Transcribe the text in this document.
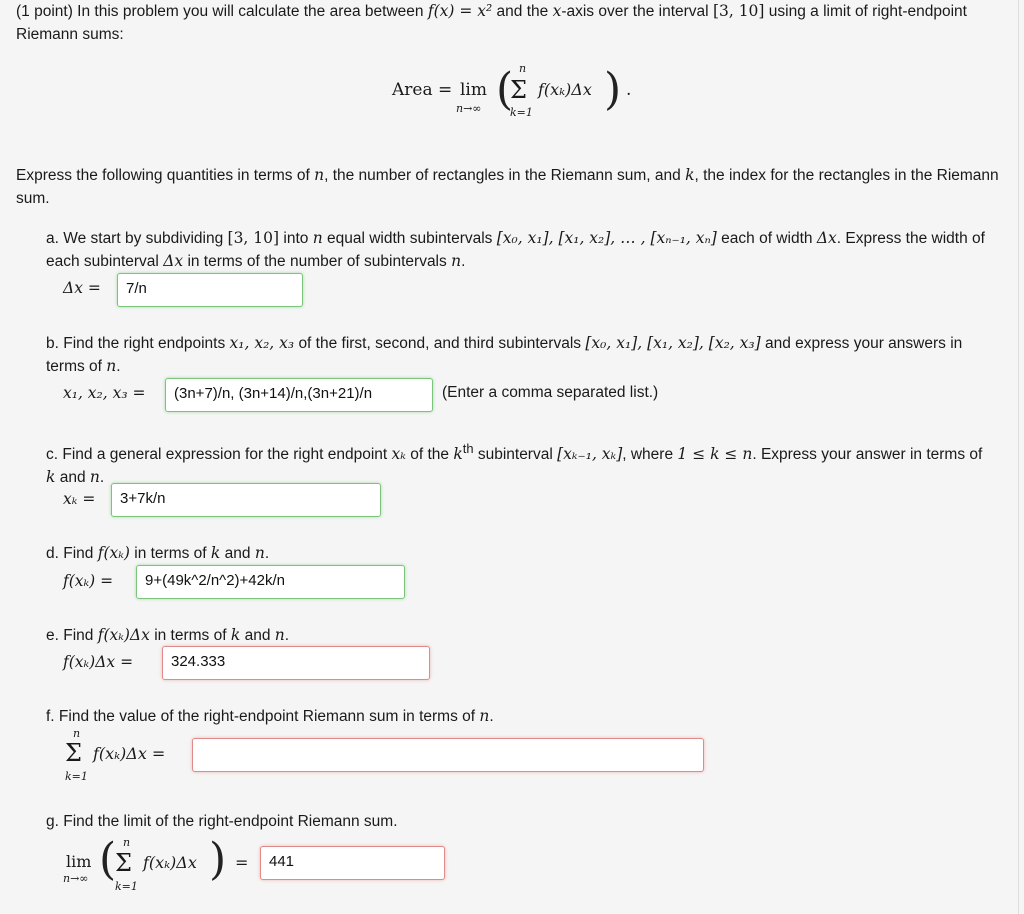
(1 point) In this problem you will calculate the area between f(x) = x² and the x-axis over the interval [3, 10] using a limit of right-endpoint Riemann sums:
Area = lim
n→∞ ( n
Σ
k=1
f(xₖ)Δx ) .
Express the following quantities in terms of n, the number of rectangles in the Riemann sum, and k, the index for the rectangles in the Riemann sum.
a. We start by subdividing [3, 10] into n equal width subintervals [x₀, x₁], [x₁, x₂], … , [xₙ₋₁, xₙ] each of width Δx. Express the width of each subinterval Δx in terms of the number of subintervals n.
Δx =	7/n
b. Find the right endpoints x₁, x₂, x₃ of the first, second, and third subintervals [x₀, x₁], [x₁, x₂], [x₂, x₃] and express your answers in terms of n.
x₁, x₂, x₃ =	(3n+7)/n, (3n+14)/n,(3n+21)/n	(Enter a comma separated list.)
c. Find a general expression for the right endpoint xₖ of the $k^{th}$ subinterval [xₖ₋₁, xₖ], where 1 ≤ k ≤ n. Express your answer in terms of k and n.
xₖ =	3+7k/n
d. Find f(xₖ) in terms of k and n.
f(xₖ) =	9+(49k^2/n^2)+42k/n
e. Find f(xₖ)Δx in terms of k and n.
f(xₖ)Δx =	324.333
f. Find the value of the right-endpoint Riemann sum in terms of n.
n
Σ
k=1
f(xₖ)Δx =
g. Find the limit of the right-endpoint Riemann sum.
lim
n→∞ ( n
Σ
k=1
f(xₖ)Δx ) =	441
